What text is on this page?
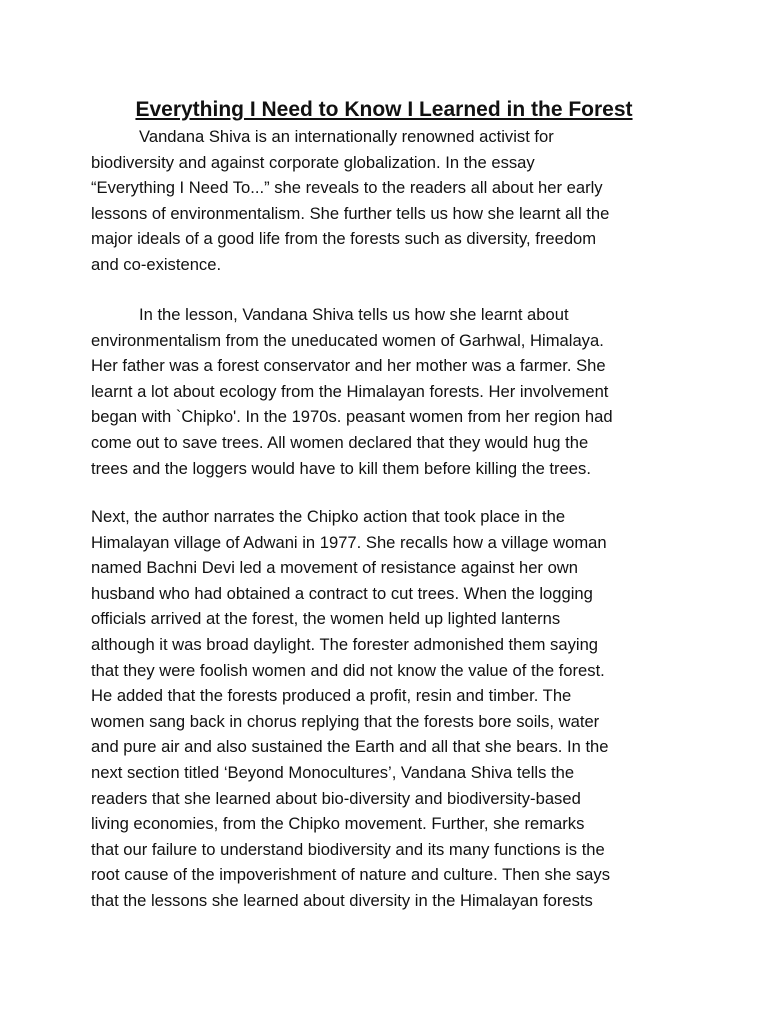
Everything I Need to Know I Learned in the Forest

Vandana Shiva is an internationally renowned activist for
biodiversity and against corporate globalization. In the essay
“Everything I Need To...” she reveals to the readers all about her early
lessons of environmentalism. She further tells us how she learnt all the
major ideals of a good life from the forests such as diversity, freedom
and co-existence.

In the lesson, Vandana Shiva tells us how she learnt about
environmentalism from the uneducated women of Garhwal, Himalaya.
Her father was a forest conservator and her mother was a farmer. She
learnt a lot about ecology from the Himalayan forests. Her involvement
began with `Chipko'. In the 1970s. peasant women from her region had
come out to save trees. All women declared that they would hug the
trees and the loggers would have to kill them before killing the trees.

Next, the author narrates the Chipko action that took place in the
Himalayan village of Adwani in 1977. She recalls how a village woman
named Bachni Devi led a movement of resistance against her own
husband who had obtained a contract to cut trees. When the logging
officials arrived at the forest, the women held up lighted lanterns
although it was broad daylight. The forester admonished them saying
that they were foolish women and did not know the value of the forest.
He added that the forests produced a profit, resin and timber. The
women sang back in chorus replying that the forests bore soils, water
and pure air and also sustained the Earth and all that she bears. In the
next section titled ‘Beyond Monocultures’, Vandana Shiva tells the
readers that she learned about bio-diversity and biodiversity-based
living economies, from the Chipko movement. Further, she remarks
that our failure to understand biodiversity and its many functions is the
root cause of the impoverishment of nature and culture. Then she says
that the lessons she learned about diversity in the Himalayan forests
